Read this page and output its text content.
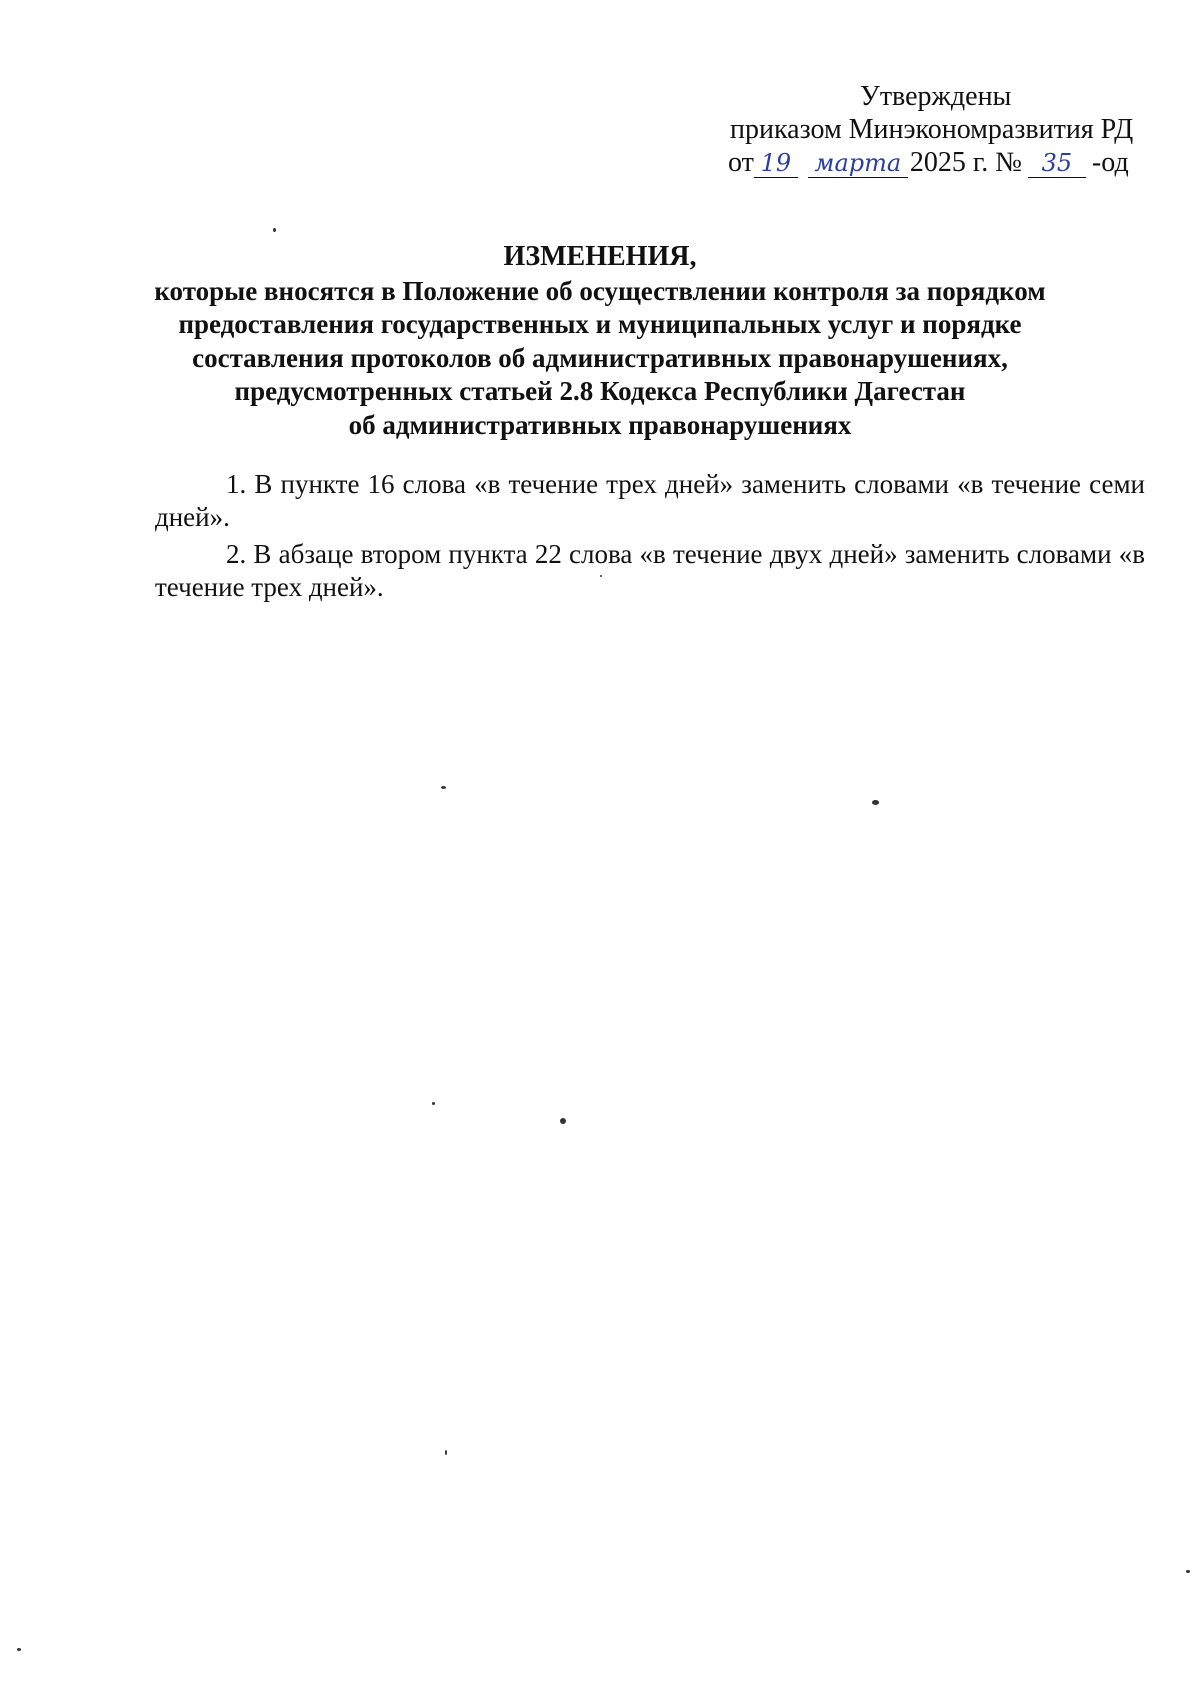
Утверждены
приказом Минэкономразвития РД
от 19 марта 2025 г. № 35 -од
ИЗМЕНЕНИЯ,
которые вносятся в Положение об осуществлении контроля за порядком
предоставления государственных и муниципальных услуг и порядке
составления протоколов об административных правонарушениях,
предусмотренных статьей 2.8 Кодекса Республики Дагестан
об административных правонарушениях

1. В пункте 16 слова «в течение трех дней» заменить словами «в течение семи дней».

2. В абзаце втором пункта 22 слова «в течение двух дней» заменить словами «в течение трех дней».
